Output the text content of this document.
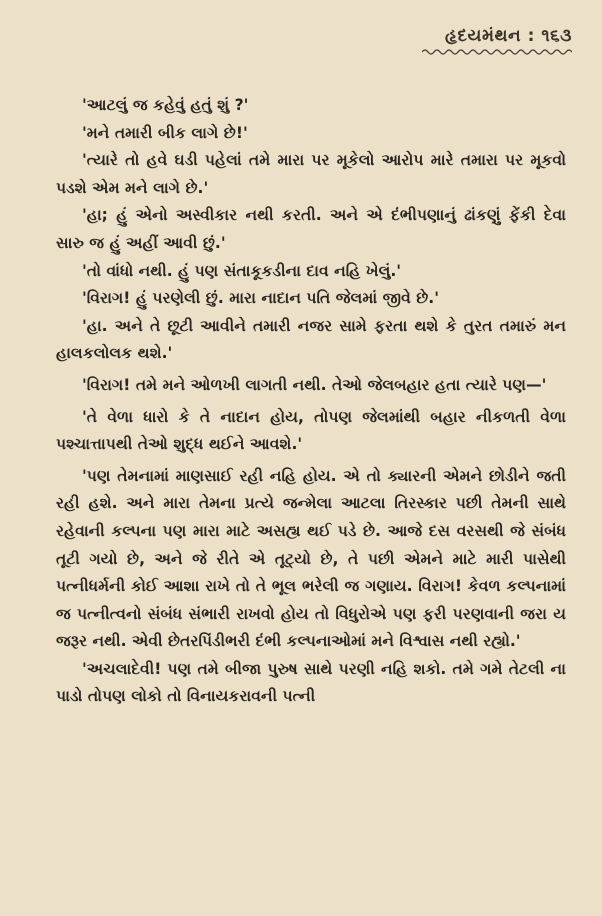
હૃદયમંથન : ૧૬૩

'આટલું જ કહેવું હતું શું ?'

'મને તમારી બીક લાગે છે!'

'ત્યારે તો હવે ઘડી પહેલાં તમે મારા પર મૂકેલો આરોપ મારે તમારા પર મૂકવો પડશે એમ મને લાગે છે.'

'હા; હું એનો અસ્વીકાર નથી કરતી. અને એ દંભીપણાનું ઢાંકણું ફેંકી દેવા સારુ જ હું અહીં આવી છું.'

'તો વાંધો નથી. હું પણ સંતાકૂકડીના દાવ નહિ ખેલું.'

'વિરાગ! હું પરણેલી છું. મારા નાદાન પતિ જેલમાં જીવે છે.'

'હા. અને તે છૂટી આવીને તમારી નજર સામે ફરતા થશે કે તુરત તમારું મન હાલકલોલક થશે.'

'વિરાગ! તમે મને ઓળખી લાગતી નથી. તેઓ જેલબહાર હતા ત્યારે પણ—'

'તે વેળા ધારો કે તે નાદાન હોય, તોપણ જેલમાંથી બહાર નીકળતી વેળા પશ્ચાત્તાપથી તેઓ શુદ્ધ થઈને આવશે.'

'પણ તેમનામાં માણસાઈ રહી નહિ હોય. એ તો ક્યારની એમને છોડીને જતી રહી હશે. અને મારા તેમના પ્રત્યે જન્મેલા આટલા તિરસ્કાર પછી તેમની સાથે રહેવાની કલ્પના પણ મારા માટે અસહ્ય થઈ પડે છે. આજે દસ વરસથી જે સંબંધ તૂટી ગયો છે, અને જે રીતે એ તૂટ્યો છે, તે પછી એમને માટે મારી પાસેથી પત્નીધર્મની કોઈ આશા રાખે તો તે ભૂલ ભરેલી જ ગણાય. વિરાગ! કેવળ કલ્પનામાં જ પત્નીત્વનો સંબંધ સંભારી રાખવો હોય તો વિધુરોએ પણ ફરી પરણવાની જરા ય જરૂર નથી. એવી છેતરપિંડીભરી દંભી કલ્પનાઓમાં મને વિશ્વાસ નથી રહ્યો.'

'અચલાદેવી! પણ તમે બીજા પુરુષ સાથે પરણી નહિ શકો. તમે ગમે તેટલી ના પાડો તોપણ લોકો તો વિનાયકરાવની પત્ની
